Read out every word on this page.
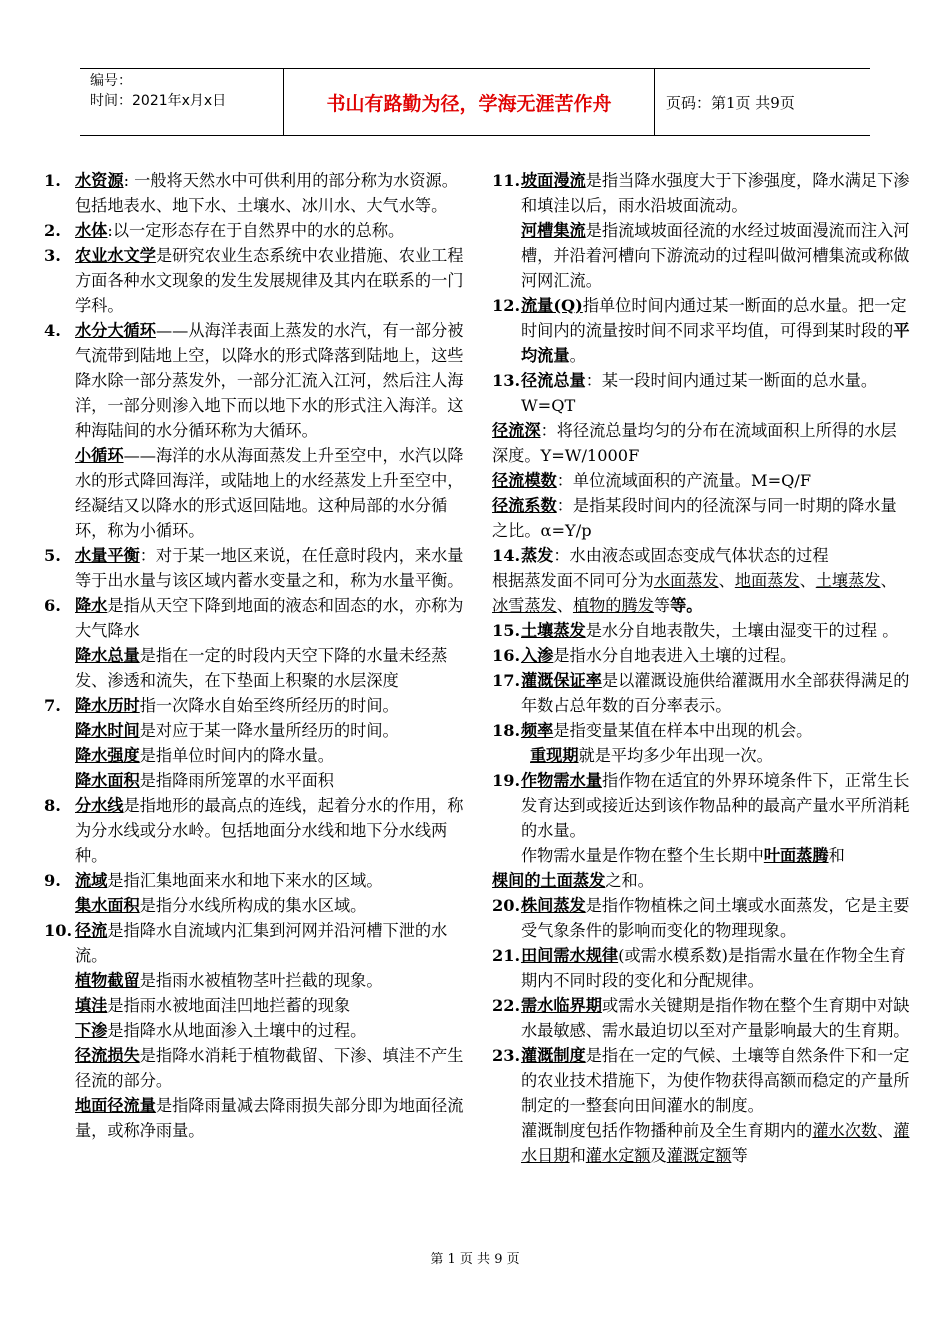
编号：
时间：2021年x月x日	书山有路勤为径，学海无涯苦作舟	页码：第1页 共9页
1. 水资源: 一般将天然水中可供利用的部分称为水资源。包括地表水、地下水、土壤水、冰川水、大气水等。
2. 水体:以一定形态存在于自然界中的水的总称。
3. 农业水文学是研究农业生态系统中农业措施、农业工程方面各种水文现象的发生发展规律及其内在联系的一门学科。
4. 水分大循环——从海洋表面上蒸发的水汽，有一部分被气流带到陆地上空，以降水的形式降落到陆地上，这些降水除一部分蒸发外，一部分汇流入江河，然后注人海洋，一部分则渗入地下而以地下水的形式注入海洋。这种海陆间的水分循环称为大循环。
小循环——海洋的水从海面蒸发上升至空中，水汽以降水的形式降回海洋，或陆地上的水经蒸发上升至空中，经凝结又以降水的形式返回陆地。这种局部的水分循环，称为小循环。
5. 水量平衡：对于某一地区来说，在任意时段内，来水量等于出水量与该区域内蓄水变量之和，称为水量平衡。
6. 降水是指从天空下降到地面的液态和固态的水，亦称为大气降水
降水总量是指在一定的时段内天空下降的水量未经蒸发、渗透和流失，在下垫面上积聚的水层深度
7. 降水历时指一次降水自始至终所经历的时间。
降水时间是对应于某一降水量所经历的时间。
降水强度是指单位时间内的降水量。
降水面积是指降雨所笼罩的水平面积
8. 分水线是指地形的最高点的连线，起着分水的作用，称为分水线或分水岭。包括地面分水线和地下分水线两种。
9. 流域是指汇集地面来水和地下来水的区域。
集水面积是指分水线所构成的集水区域。
10. 径流是指降水自流域内汇集到河网并沿河槽下泄的水流。
植物截留是指雨水被植物茎叶拦截的现象。
填洼是指雨水被地面洼凹地拦蓄的现象
下渗是指降水从地面渗入土壤中的过程。
径流损失是指降水消耗于植物截留、下渗、填洼不产生径流的部分。
地面径流量是指降雨量减去降雨损失部分即为地面径流量，或称净雨量。
11. 坡面漫流是指当降水强度大于下渗强度，降水满足下渗和填洼以后，雨水沿坡面流动。
河槽集流是指流域坡面径流的水经过坡面漫流而注入河槽，并沿着河槽向下游流动的过程叫做河槽集流或称做河网汇流。
12. 流量(Q)指单位时间内通过某一断面的总水量。把一定时间内的流量按时间不同求平均值，可得到某时段的平均流量。
13. 径流总量：某一段时间内通过某一断面的总水量。W=QT
径流深：将径流总量均匀的分布在流域面积上所得的水层深度。Y=W/1000F
径流模数：单位流域面积的产流量。M=Q/F
径流系数：是指某段时间内的径流深与同一时期的降水量之比。α=Y/p
14. 蒸发：水由液态或固态变成气体状态的过程
根据蒸发面不同可分为水面蒸发、地面蒸发、土壤蒸发、冰雪蒸发、植物的腾发等等。
15. 土壤蒸发是水分自地表散失，土壤由湿变干的过程 。
16. 入渗是指水分自地表进入土壤的过程。
17. 灌溉保证率是以灌溉设施供给灌溉用水全部获得满足的年数占总年数的百分率表示。
18. 频率是指变量某值在样本中出现的机会。
重现期就是平均多少年出现一次。
19. 作物需水量指作物在适宜的外界环境条件下，正常生长发育达到或接近达到该作物品种的最高产量水平所消耗的水量。
作物需水量是作物在整个生长期中叶面蒸腾和
棵间的土面蒸发之和。
20. 株间蒸发是指作物植株之间土壤或水面蒸发，它是主要受气象条件的影响而变化的物理现象。
21. 田间需水规律(或需水模系数)是指需水量在作物全生育期内不同时段的变化和分配规律。
22. 需水临界期或需水关键期是指作物在整个生育期中对缺水最敏感、需水最迫切以至对产量影响最大的生育期。
23. 灌溉制度是指在一定的气候、土壤等自然条件下和一定的农业技术措施下，为使作物获得高额而稳定的产量所制定的一整套向田间灌水的制度。
灌溉制度包括作物播种前及全生育期内的灌水次数、灌水日期和灌水定额及灌溉定额等
第 1 页 共 9 页
